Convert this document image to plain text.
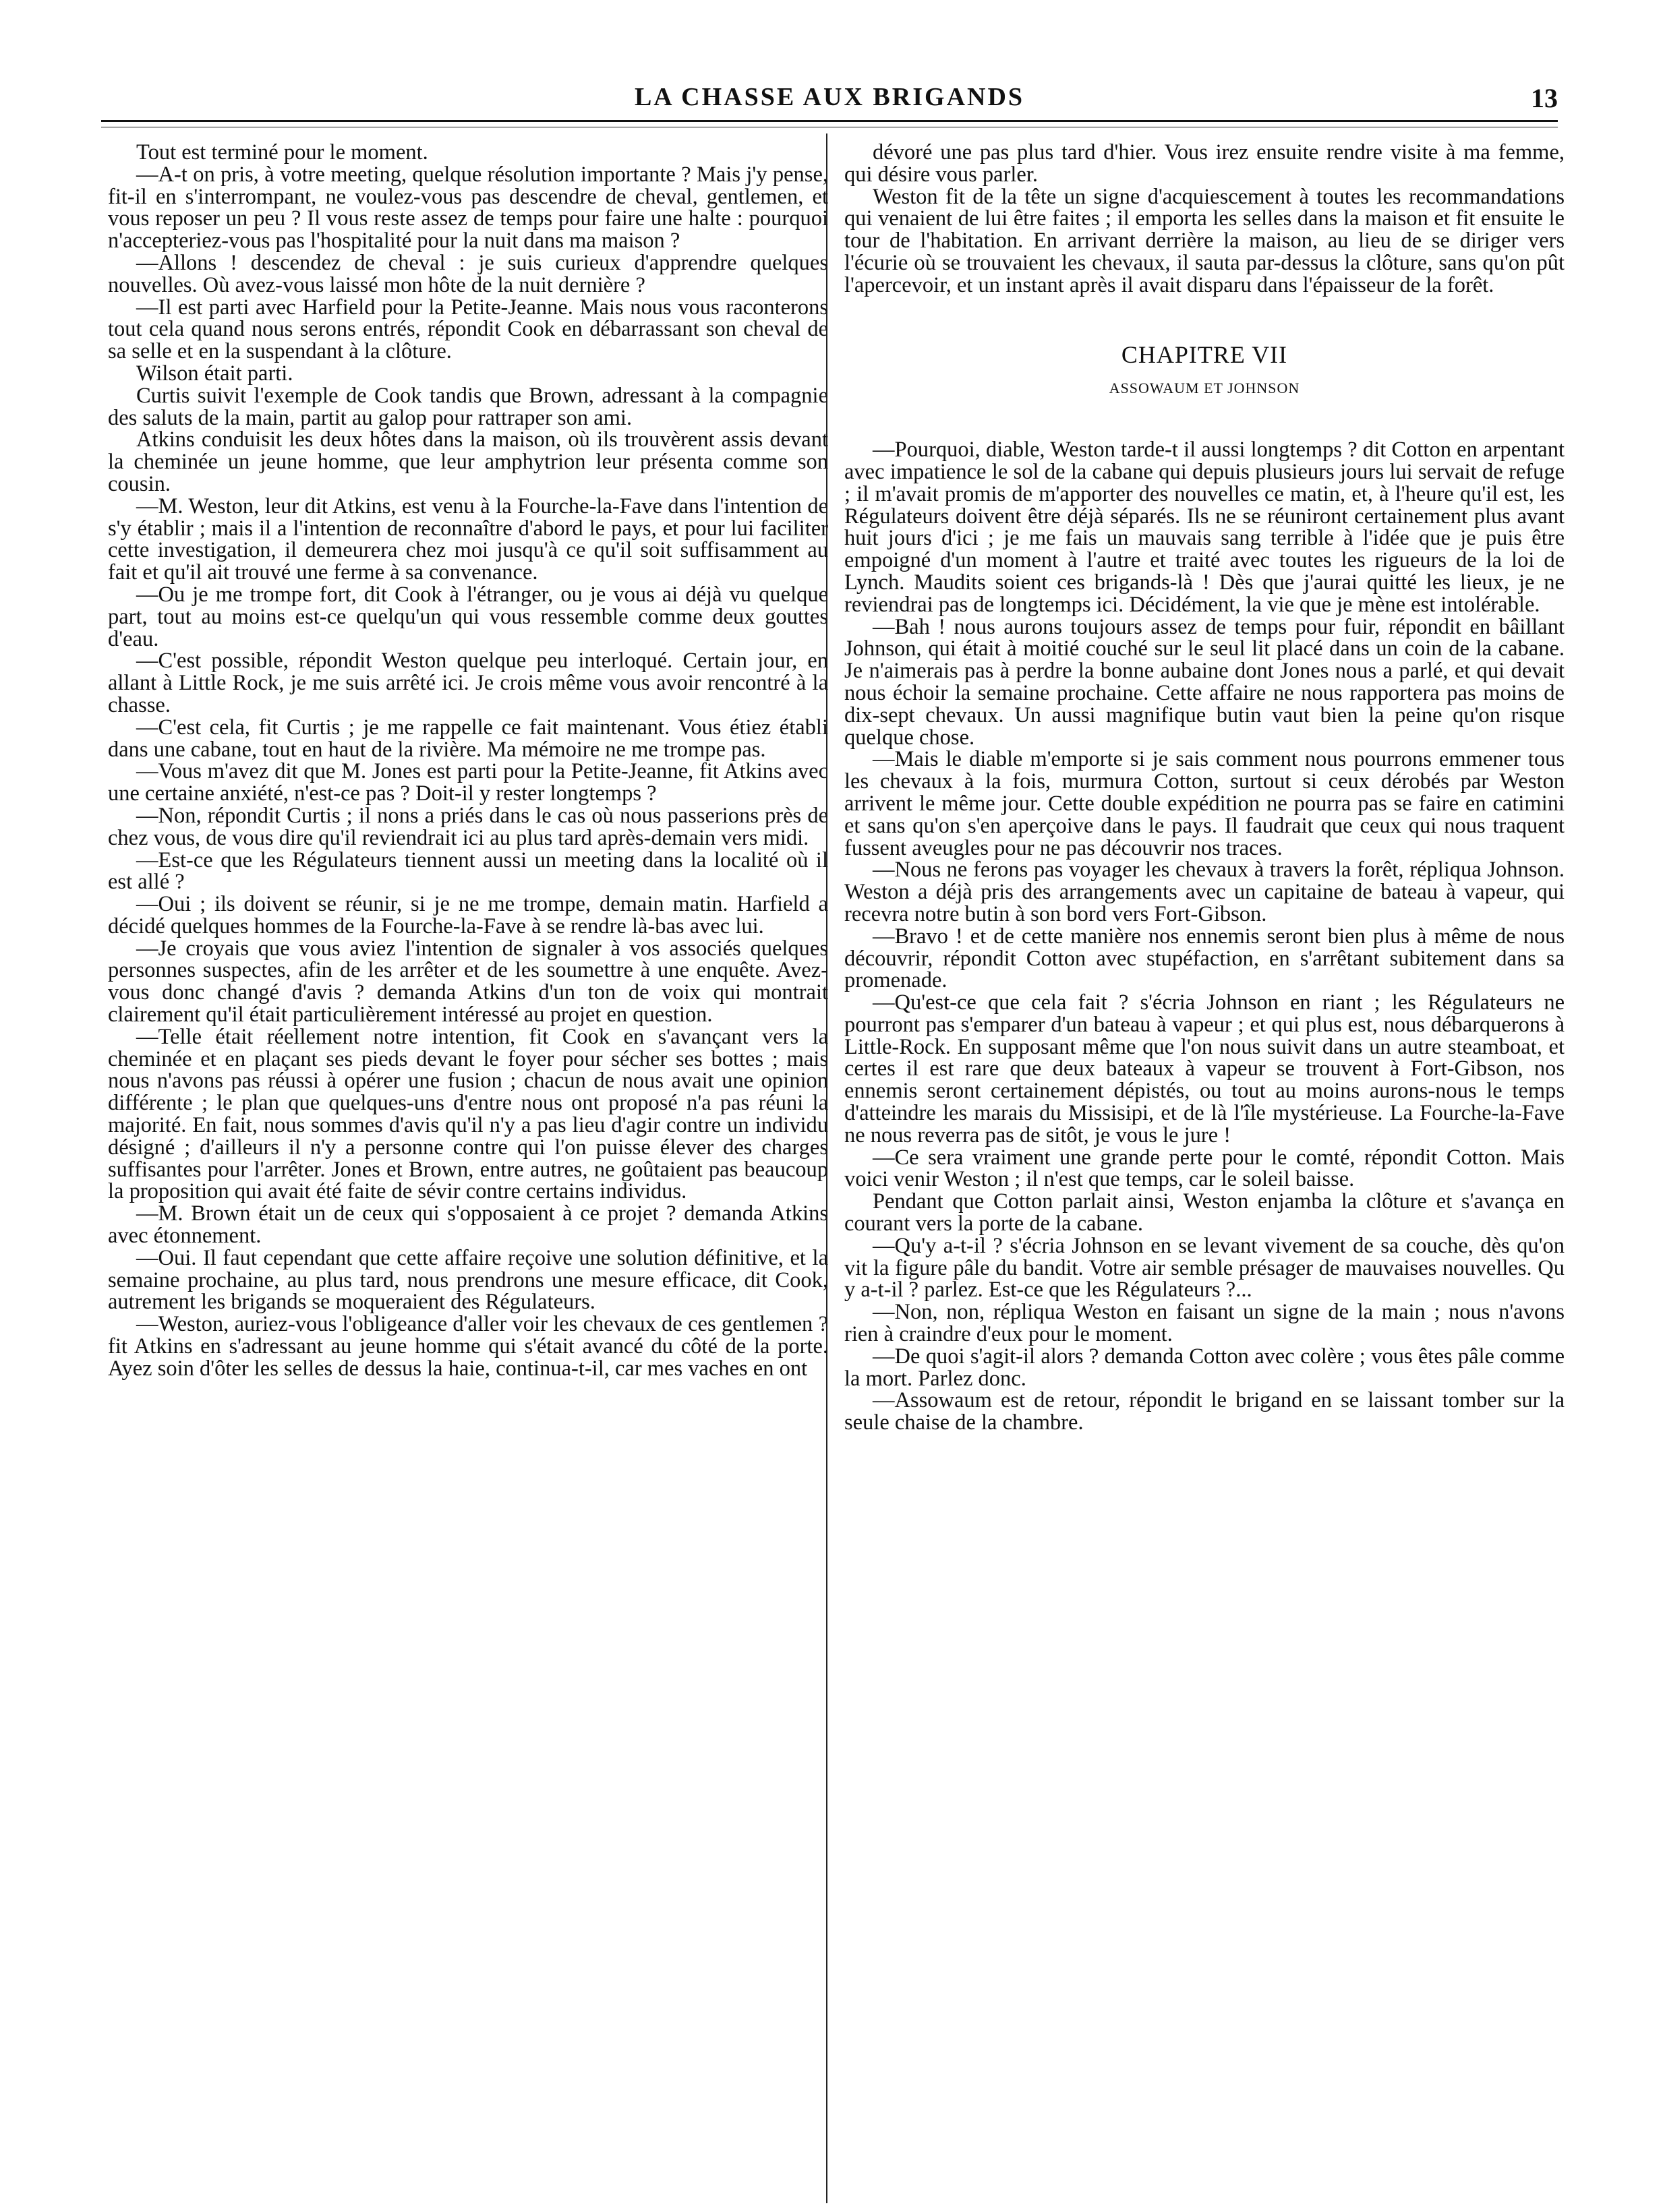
LA CHASSE AUX BRIGANDS	13

Tout est terminé pour le moment.

—A-t on pris, à votre meeting, quelque résolution importante ? Mais j'y pense, fit-il en s'interrompant, ne voulez-vous pas descendre de cheval, gentlemen, et vous reposer un peu ? Il vous reste assez de temps pour faire une halte : pourquoi n'accepteriez-vous pas l'hospitalité pour la nuit dans ma maison ?

—Allons ! descendez de cheval : je suis curieux d'apprendre quelques nouvelles. Où avez-vous laissé mon hôte de la nuit dernière ?

—Il est parti avec Harfield pour la Petite-Jeanne. Mais nous vous raconterons tout cela quand nous serons entrés, répondit Cook en débarrassant son cheval de sa selle et en la suspendant à la clôture.

Wilson était parti.

Curtis suivit l'exemple de Cook tandis que Brown, adressant à la compagnie des saluts de la main, partit au galop pour rattraper son ami.

Atkins conduisit les deux hôtes dans la maison, où ils trouvèrent assis devant la cheminée un jeune homme, que leur amphytrion leur présenta comme son cousin.

—M. Weston, leur dit Atkins, est venu à la Fourche-la-Fave dans l'intention de s'y établir ; mais il a l'intention de reconnaître d'abord le pays, et pour lui faciliter cette investigation, il demeurera chez moi jusqu'à ce qu'il soit suffisamment au fait et qu'il ait trouvé une ferme à sa convenance.

—Ou je me trompe fort, dit Cook à l'étranger, ou je vous ai déjà vu quelque part, tout au moins est-ce quelqu'un qui vous ressemble comme deux gouttes d'eau.

—C'est possible, répondit Weston quelque peu interloqué. Certain jour, en allant à Little Rock, je me suis arrêté ici. Je crois même vous avoir rencontré à la chasse.

—C'est cela, fit Curtis ; je me rappelle ce fait maintenant. Vous étiez établi dans une cabane, tout en haut de la rivière. Ma mémoire ne me trompe pas.

—Vous m'avez dit que M. Jones est parti pour la Petite-Jeanne, fit Atkins avec une certaine anxiété, n'est-ce pas ? Doit-il y rester longtemps ?

—Non, répondit Curtis ; il nons a priés dans le cas où nous passerions près de chez vous, de vous dire qu'il reviendrait ici au plus tard après-demain vers midi.

—Est-ce que les Régulateurs tiennent aussi un meeting dans la localité où il est allé ?

—Oui ; ils doivent se réunir, si je ne me trompe, demain matin. Harfield a décidé quelques hommes de la Fourche-la-Fave à se rendre là-bas avec lui.

—Je croyais que vous aviez l'intention de signaler à vos associés quelques personnes suspectes, afin de les arrêter et de les soumettre à une enquête. Avez-vous donc changé d'avis ? demanda Atkins d'un ton de voix qui montrait clairement qu'il était particulièrement intéressé au projet en question.

—Telle était réellement notre intention, fit Cook en s'avançant vers la cheminée et en plaçant ses pieds devant le foyer pour sécher ses bottes ; mais nous n'avons pas réussi à opérer une fusion ; chacun de nous avait une opinion différente ; le plan que quelques-uns d'entre nous ont proposé n'a pas réuni la majorité. En fait, nous sommes d'avis qu'il n'y a pas lieu d'agir contre un individu désigné ; d'ailleurs il n'y a personne contre qui l'on puisse élever des charges suffisantes pour l'arrêter. Jones et Brown, entre autres, ne goûtaient pas beaucoup la proposition qui avait été faite de sévir contre certains individus.

—M. Brown était un de ceux qui s'opposaient à ce projet ? demanda Atkins avec étonnement.

—Oui. Il faut cependant que cette affaire reçoive une solution définitive, et la semaine prochaine, au plus tard, nous prendrons une mesure efficace, dit Cook, autrement les brigands se moqueraient des Régulateurs.

—Weston, auriez-vous l'obligeance d'aller voir les chevaux de ces gentlemen ? fit Atkins en s'adressant au jeune homme qui s'était avancé du côté de la porte. Ayez soin d'ôter les selles de dessus la haie, continua-t-il, car mes vaches en ont

dévoré une pas plus tard d'hier. Vous irez ensuite rendre visite à ma femme, qui désire vous parler.

Weston fit de la tête un signe d'acquiescement à toutes les recommandations qui venaient de lui être faites ; il emporta les selles dans la maison et fit ensuite le tour de l'habitation. En arrivant derrière la maison, au lieu de se diriger vers l'écurie où se trouvaient les chevaux, il sauta par-dessus la clôture, sans qu'on pût l'apercevoir, et un instant après il avait disparu dans l'épaisseur de la forêt.

CHAPITRE VII
ASSOWAUM ET JOHNSON

—Pourquoi, diable, Weston tarde-t il aussi longtemps ? dit Cotton en arpentant avec impatience le sol de la cabane qui depuis plusieurs jours lui servait de refuge ; il m'avait promis de m'apporter des nouvelles ce matin, et, à l'heure qu'il est, les Régulateurs doivent être déjà séparés. Ils ne se réuniront certainement plus avant huit jours d'ici ; je me fais un mauvais sang terrible à l'idée que je puis être empoigné d'un moment à l'autre et traité avec toutes les rigueurs de la loi de Lynch. Maudits soient ces brigands-là ! Dès que j'aurai quitté les lieux, je ne reviendrai pas de longtemps ici. Décidément, la vie que je mène est intolérable.

—Bah ! nous aurons toujours assez de temps pour fuir, répondit en bâillant Johnson, qui était à moitié couché sur le seul lit placé dans un coin de la cabane. Je n'aimerais pas à perdre la bonne aubaine dont Jones nous a parlé, et qui devait nous échoir la semaine prochaine. Cette affaire ne nous rapportera pas moins de dix-sept chevaux. Un aussi magnifique butin vaut bien la peine qu'on risque quelque chose.

—Mais le diable m'emporte si je sais comment nous pourrons emmener tous les chevaux à la fois, murmura Cotton, surtout si ceux dérobés par Weston arrivent le même jour. Cette double expédition ne pourra pas se faire en catimini et sans qu'on s'en aperçoive dans le pays. Il faudrait que ceux qui nous traquent fussent aveugles pour ne pas découvrir nos traces.

—Nous ne ferons pas voyager les chevaux à travers la forêt, répliqua Johnson. Weston a déjà pris des arrangements avec un capitaine de bateau à vapeur, qui recevra notre butin à son bord vers Fort-Gibson.

—Bravo ! et de cette manière nos ennemis seront bien plus à même de nous découvrir, répondit Cotton avec stupéfaction, en s'arrêtant subitement dans sa promenade.

—Qu'est-ce que cela fait ? s'écria Johnson en riant ; les Régulateurs ne pourront pas s'emparer d'un bateau à vapeur ; et qui plus est, nous débarquerons à Little-Rock. En supposant même que l'on nous suivit dans un autre steamboat, et certes il est rare que deux bateaux à vapeur se trouvent à Fort-Gibson, nos ennemis seront certainement dépistés, ou tout au moins aurons-nous le temps d'atteindre les marais du Missisipi, et de là l'île mystérieuse. La Fourche-la-Fave ne nous reverra pas de sitôt, je vous le jure !

—Ce sera vraiment une grande perte pour le comté, répondit Cotton. Mais voici venir Weston ; il n'est que temps, car le soleil baisse.

Pendant que Cotton parlait ainsi, Weston enjamba la clôture et s'avança en courant vers la porte de la cabane.

—Qu'y a-t-il ? s'écria Johnson en se levant vivement de sa couche, dès qu'on vit la figure pâle du bandit. Votre air semble présager de mauvaises nouvelles. Qu y a-t-il ? parlez. Est-ce que les Régulateurs ?...

—Non, non, répliqua Weston en faisant un signe de la main ; nous n'avons rien à craindre d'eux pour le moment.

—De quoi s'agit-il alors ? demanda Cotton avec colère ; vous êtes pâle comme la mort. Parlez donc.

—Assowaum est de retour, répondit le brigand en se laissant tomber sur la seule chaise de la chambre.
